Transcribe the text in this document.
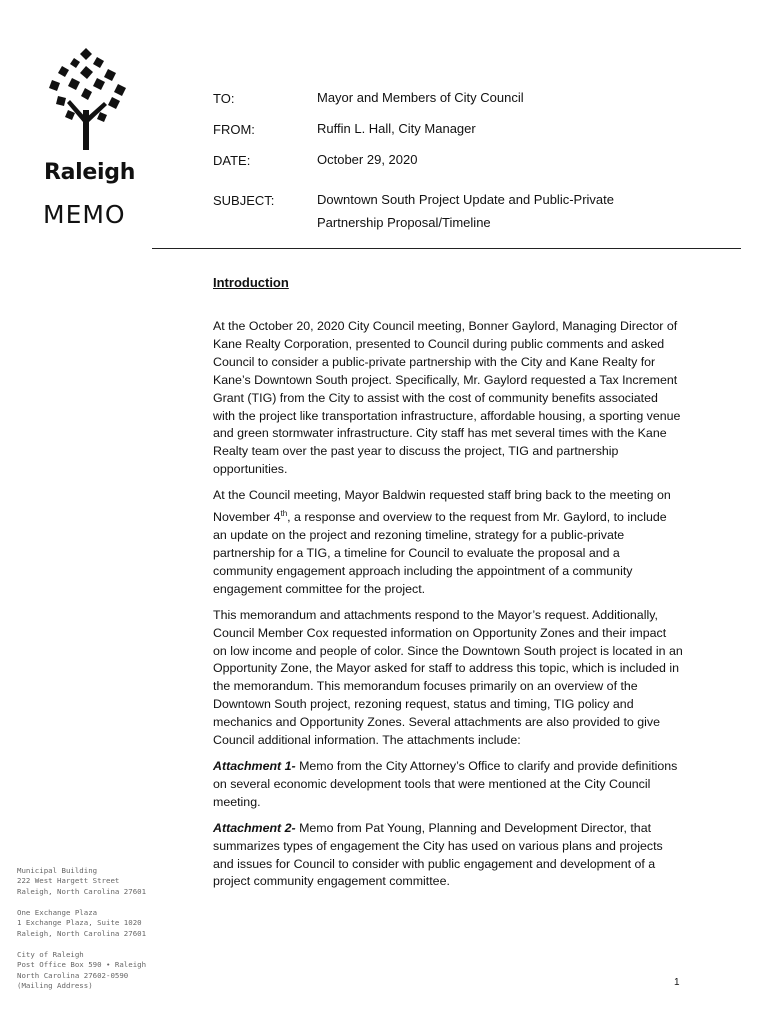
Raleigh
MEMO
TO:	Mayor and Members of City Council
FROM:	Ruffin L. Hall, City Manager
DATE:	October 29, 2020
SUBJECT:	Downtown South Project Update and Public-Private
Partnership Proposal/Timeline
Introduction

At the October 20, 2020 City Council meeting, Bonner Gaylord, Managing Director of Kane Realty Corporation, presented to Council during public comments and asked Council to consider a public-private partnership with the City and Kane Realty for Kane’s Downtown South project. Specifically, Mr. Gaylord requested a Tax Increment Grant (TIG) from the City to assist with the cost of community benefits associated with the project like transportation infrastructure, affordable housing, a sporting venue and green stormwater infrastructure. City staff has met several times with the Kane Realty team over the past year to discuss the project, TIG and partnership opportunities.

At the Council meeting, Mayor Baldwin requested staff bring back to the meeting on November 4th, a response and overview to the request from Mr. Gaylord, to include an update on the project and rezoning timeline, strategy for a public-private partnership for a TIG, a timeline for Council to evaluate the proposal and a community engagement approach including the appointment of a community engagement committee for the project.

This memorandum and attachments respond to the Mayor’s request. Additionally, Council Member Cox requested information on Opportunity Zones and their impact on low income and people of color. Since the Downtown South project is located in an Opportunity Zone, the Mayor asked for staff to address this topic, which is included in the memorandum. This memorandum focuses primarily on an overview of the Downtown South project, rezoning request, status and timing, TIG policy and mechanics and Opportunity Zones. Several attachments are also provided to give Council additional information. The attachments include:

Attachment 1- Memo from the City Attorney’s Office to clarify and provide definitions on several economic development tools that were mentioned at the City Council meeting.

Attachment 2- Memo from Pat Young, Planning and Development Director, that summarizes types of engagement the City has used on various plans and projects and issues for Council to consider with public engagement and development of a project community engagement committee.

Municipal Building
222 West Hargett Street
Raleigh, North Carolina 27601
One Exchange Plaza
1 Exchange Plaza, Suite 1020
Raleigh, North Carolina 27601
City of Raleigh
Post Office Box 590 • Raleigh
North Carolina 27602-0590
(Mailing Address)	1
